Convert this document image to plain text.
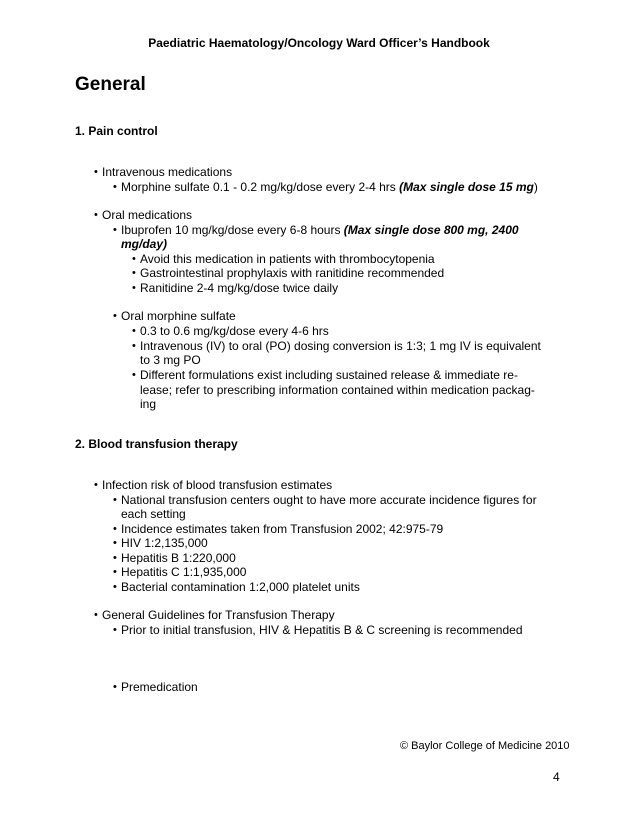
Paediatric Haematology/Oncology Ward Officer’s Handbook
General
1. Pain control
• Intravenous medications
• Morphine sulfate 0.1 - 0.2 mg/kg/dose every 2-4 hrs (Max single dose 15 mg)
• Oral medications
• Ibuprofen 10 mg/kg/dose every 6-8 hours (Max single dose 800 mg, 2400
mg/day)
• Avoid this medication in patients with thrombocytopenia
• Gastrointestinal prophylaxis with ranitidine recommended
• Ranitidine 2-4 mg/kg/dose twice daily
• Oral morphine sulfate
• 0.3 to 0.6 mg/kg/dose every 4-6 hrs
• Intravenous (IV) to oral (PO) dosing conversion is 1:3; 1 mg IV is equivalent
to 3 mg PO
• Different formulations exist including sustained release & immediate re-
lease; refer to prescribing information contained within medication packag-
ing
2. Blood transfusion therapy
• Infection risk of blood transfusion estimates
• National transfusion centers ought to have more accurate incidence figures for
each setting
• Incidence estimates taken from Transfusion 2002; 42:975-79
• HIV 1:2,135,000
• Hepatitis B 1:220,000
• Hepatitis C 1:1,935,000
• Bacterial contamination 1:2,000 platelet units
• General Guidelines for Transfusion Therapy
• Prior to initial transfusion, HIV & Hepatitis B & C screening is recommended
• Premedication
© Baylor College of Medicine 2010
4
